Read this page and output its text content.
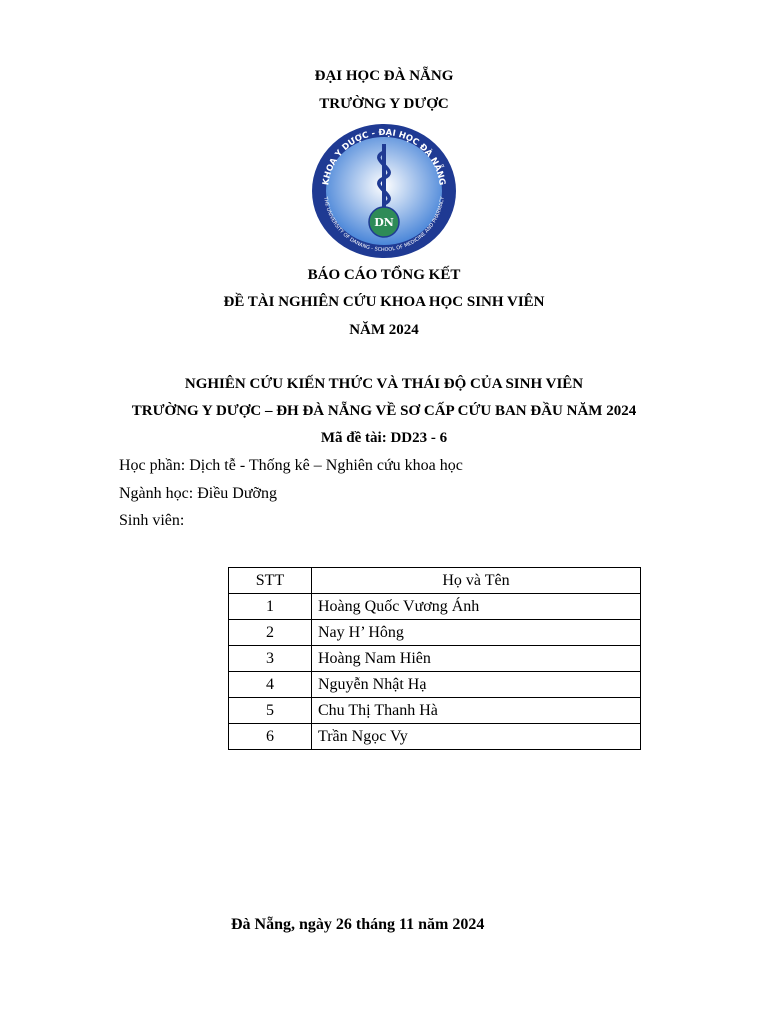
ĐẠI HỌC ĐÀ NẴNG
TRƯỜNG Y DƯỢC
KHOA Y DƯỢC - ĐẠI HỌC ĐÀ NẴNG
THE UNIVERSITY OF DANANG - SCHOOL OF MEDICINE AND PHARMACY
DN
BÁO CÁO TỔNG KẾT
ĐỀ TÀI NGHIÊN CỨU KHOA HỌC SINH VIÊN
NĂM 2024
NGHIÊN CỨU KIẾN THỨC VÀ THÁI ĐỘ CỦA SINH VIÊN
TRƯỜNG Y DƯỢC – ĐH ĐÀ NẴNG VỀ SƠ CẤP CỨU BAN ĐẦU NĂM 2024
Mã đề tài: DD23 - 6
Học phần: Dịch tễ - Thống kê – Nghiên cứu khoa học
Ngành học: Điều Dưỡng
Sinh viên:
STT	Họ và Tên
1	Hoàng Quốc Vương Ánh
2	Nay H’ Hông
3	Hoàng Nam Hiên
4	Nguyễn Nhật Hạ
5	Chu Thị Thanh Hà
6	Trần Ngọc Vy
Đà Nẵng, ngày 26 tháng 11 năm 2024
